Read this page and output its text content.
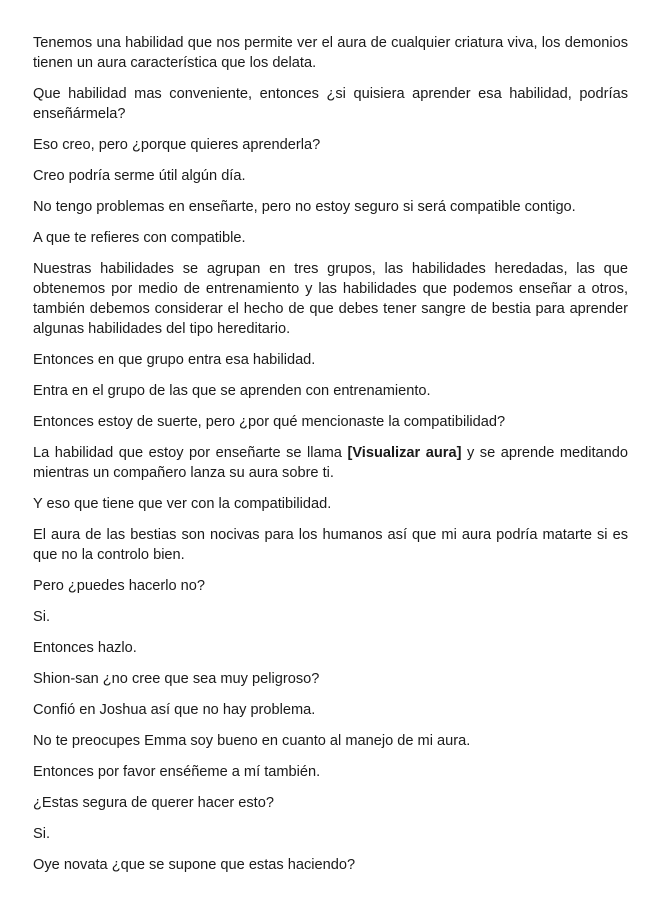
Tenemos una habilidad que nos permite ver el aura de cualquier criatura viva, los demonios tienen un aura característica que los delata.

Que habilidad mas conveniente, entonces ¿si quisiera aprender esa habilidad, podrías enseñármela?

Eso creo, pero ¿porque quieres aprenderla?

Creo podría serme útil algún día.

No tengo problemas en enseñarte, pero no estoy seguro si será compatible contigo.

A que te refieres con compatible.

Nuestras habilidades se agrupan en tres grupos, las habilidades heredadas, las que obtenemos por medio de entrenamiento y las habilidades que podemos enseñar a otros, también debemos considerar el hecho de que debes tener sangre de bestia para aprender algunas habilidades del tipo hereditario.

Entonces en que grupo entra esa habilidad.

Entra en el grupo de las que se aprenden con entrenamiento.

Entonces estoy de suerte, pero ¿por qué mencionaste la compatibilidad?

La habilidad que estoy por enseñarte se llama [Visualizar aura] y se aprende meditando mientras un compañero lanza su aura sobre ti.

Y eso que tiene que ver con la compatibilidad.

El aura de las bestias son nocivas para los humanos así que mi aura podría matarte si es que no la controlo bien.

Pero ¿puedes hacerlo no?

Si.

Entonces hazlo.

Shion-san ¿no cree que sea muy peligroso?

Confió en Joshua así que no hay problema.

No te preocupes Emma soy bueno en cuanto al manejo de mi aura.

Entonces por favor enséñeme a mí también.

¿Estas segura de querer hacer esto?

Si.

Oye novata ¿que se supone que estas haciendo?
